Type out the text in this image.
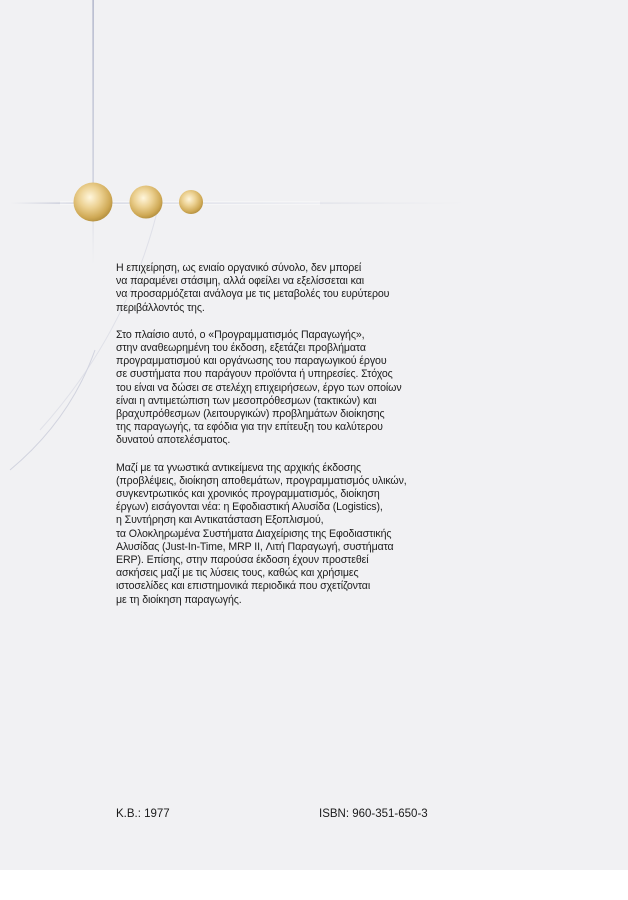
Η επιχείρηση, ως ενιαίο οργανικό σύνολο, δεν μπορεί
να παραμένει στάσιμη, αλλά οφείλει να εξελίσσεται και
να προσαρμόζεται ανάλογα με τις μεταβολές του ευρύτερου
περιβάλλοντός της.

Στο πλαίσιο αυτό, ο «Προγραμματισμός Παραγωγής»,
στην αναθεωρημένη του έκδοση, εξετάζει προβλήματα
προγραμματισμού και οργάνωσης του παραγωγικού έργου
σε συστήματα που παράγουν προϊόντα ή υπηρεσίες. Στόχος
του είναι να δώσει σε στελέχη επιχειρήσεων, έργο των οποίων
είναι η αντιμετώπιση των μεσοπρόθεσμων (τακτικών) και
βραχυπρόθεσμων (λειτουργικών) προβλημάτων διοίκησης
της παραγωγής, τα εφόδια για την επίτευξη του καλύτερου
δυνατού αποτελέσματος.

Μαζί με τα γνωστικά αντικείμενα της αρχικής έκδοσης
(προβλέψεις, διοίκηση αποθεμάτων, προγραμματισμός υλικών,
συγκεντρωτικός και χρονικός προγραμματισμός, διοίκηση
έργων) εισάγονται νέα: η Εφοδιαστική Αλυσίδα (Logistics),
η Συντήρηση και Αντικατάσταση Εξοπλισμού,
τα Ολοκληρωμένα Συστήματα Διαχείρισης της Εφοδιαστικής
Αλυσίδας (Just-In-Time, MRP II, Λιτή Παραγωγή, συστήματα
ERP). Επίσης, στην παρούσα έκδοση έχουν προστεθεί
ασκήσεις μαζί με τις λύσεις τους, καθώς και χρήσιμες
ιστοσελίδες και επιστημονικά περιοδικά που σχετίζονται
με τη διοίκηση παραγωγής.

Κ.Β.: 1977	ISBN: 960-351-650-3
